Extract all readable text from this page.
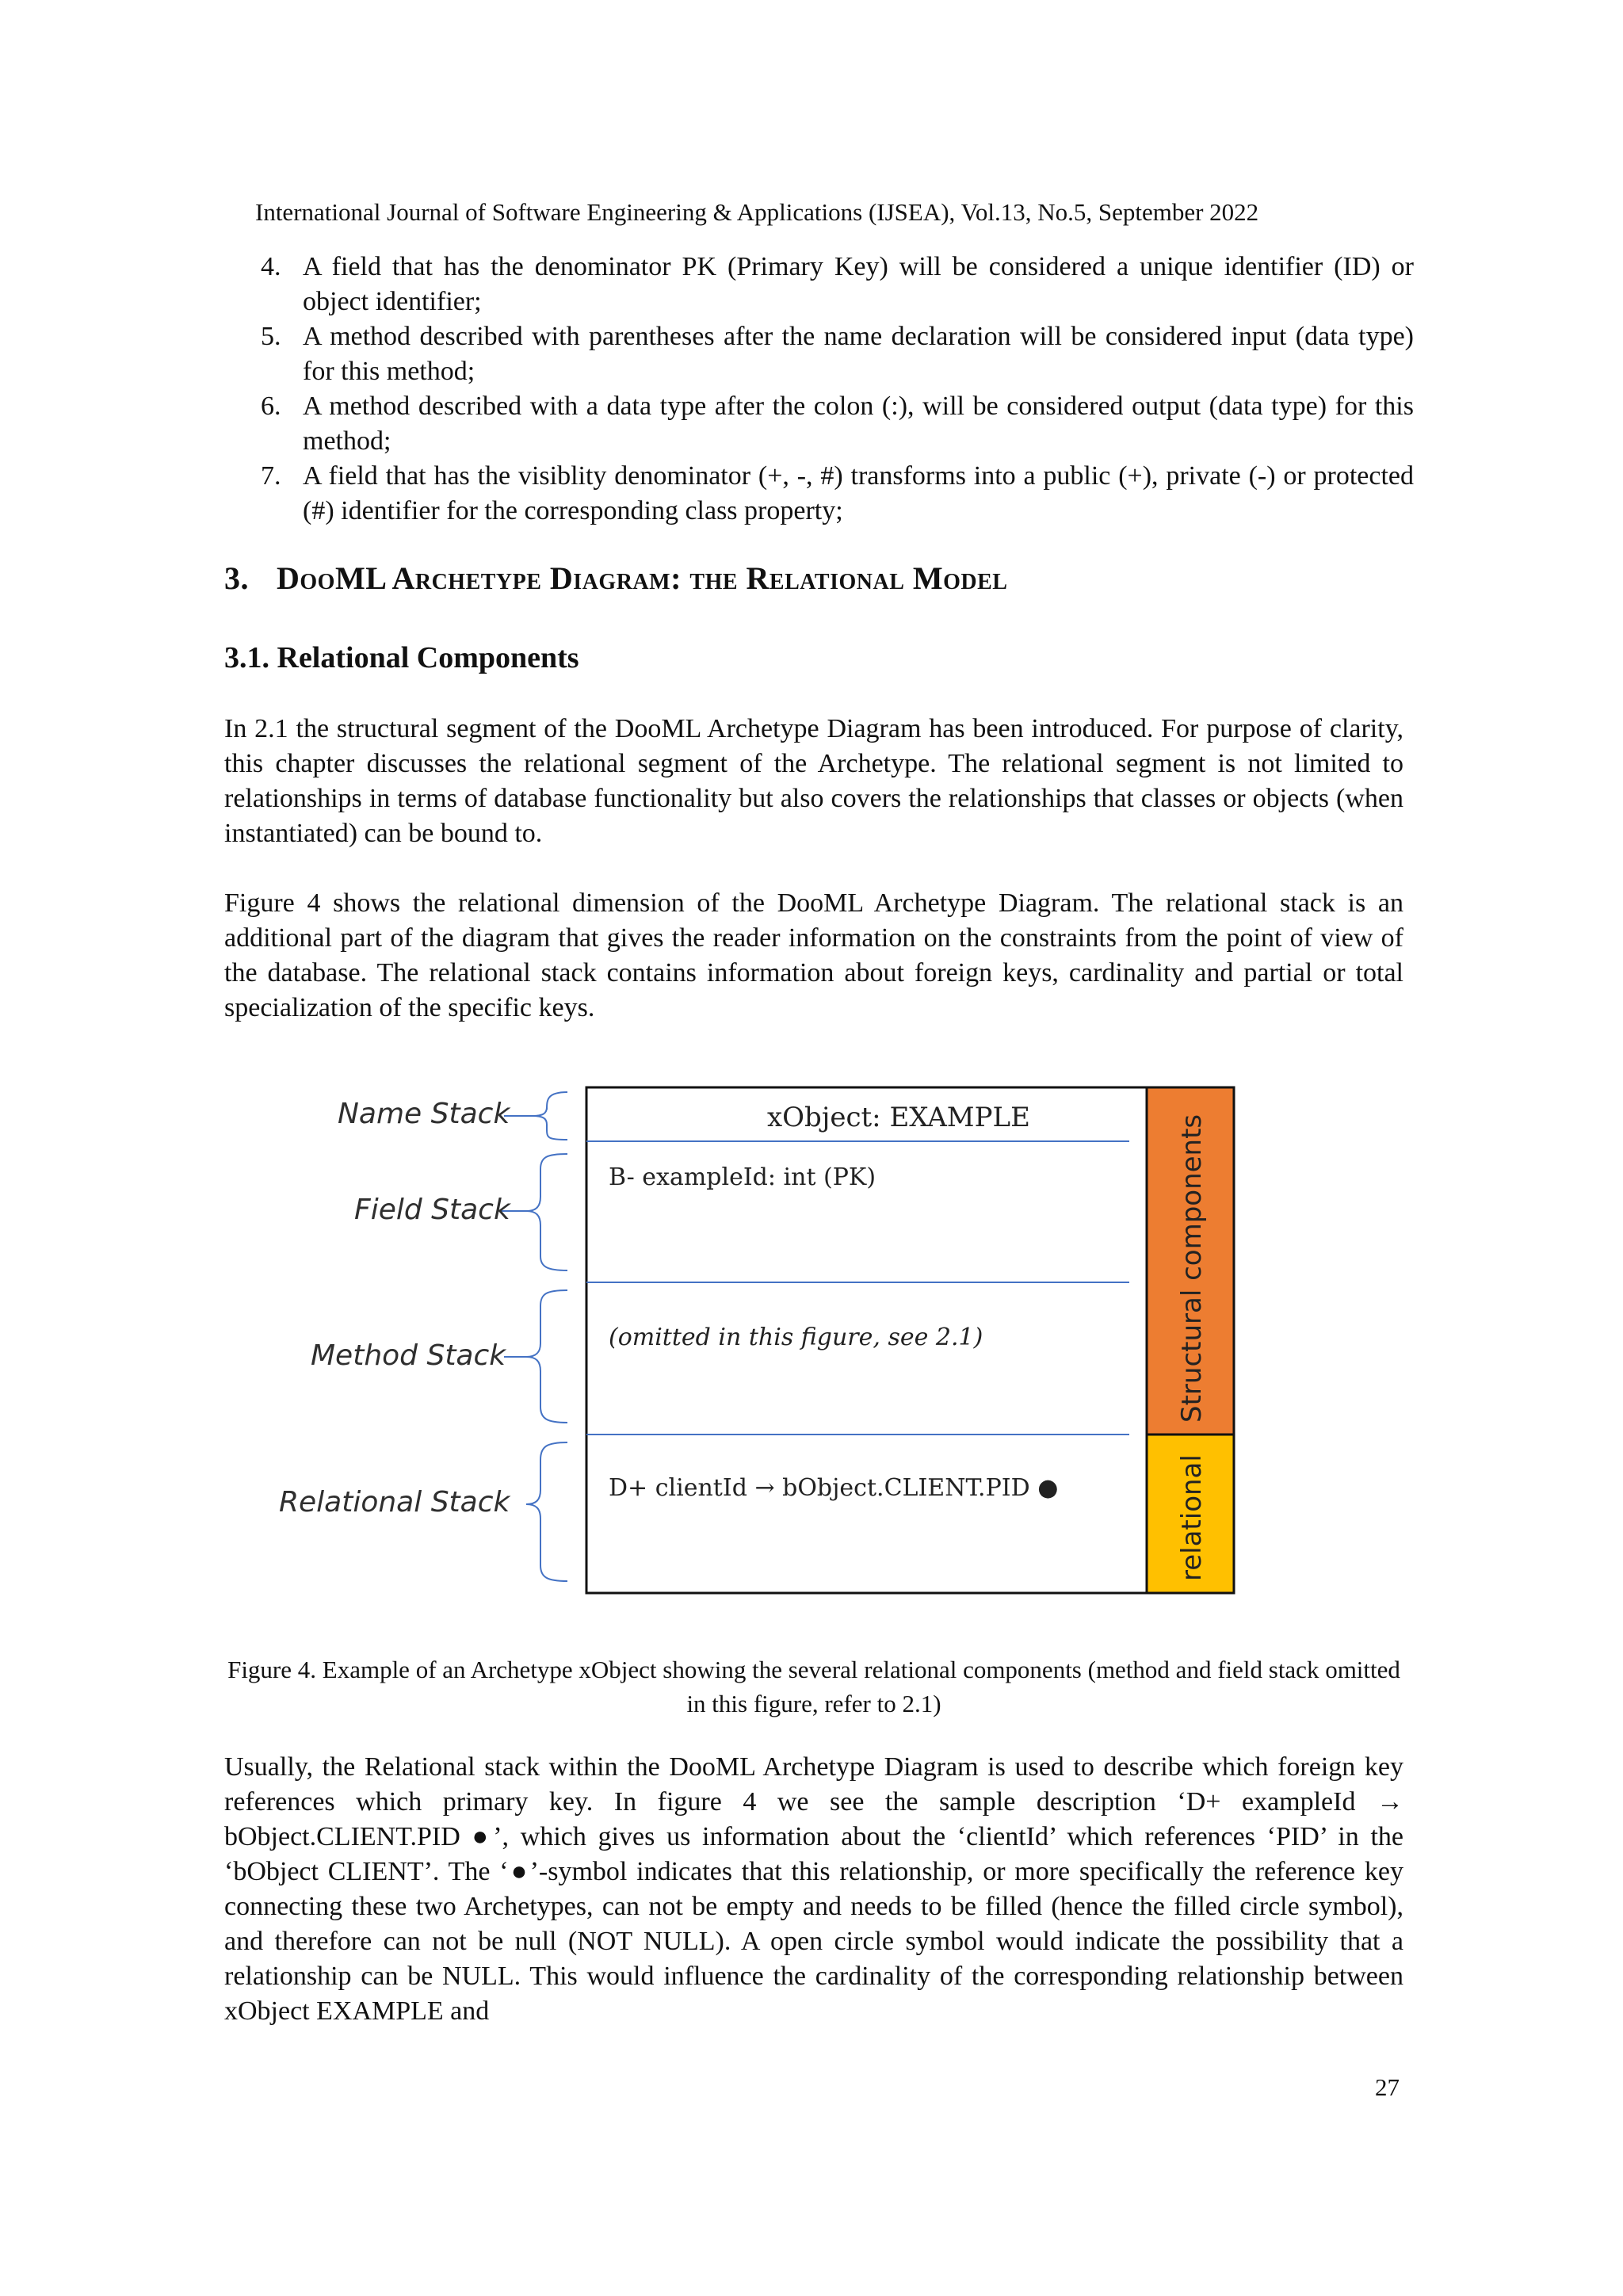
International Journal of Software Engineering & Applications (IJSEA), Vol.13, No.5, September 2022
4. A field that has the denominator PK (Primary Key) will be considered a unique identifier (ID) or object identifier;
5. A method described with parentheses after the name declaration will be considered input (data type) for this method;
6. A method described with a data type after the colon (:), will be considered output (data type) for this method;
7. A field that has the visiblity denominator (+, -, #) transforms into a public (+), private (-) or protected (#) identifier for the corresponding class property;
3. DooML Archetype Diagram: the Relational Model
3.1. Relational Components

In 2.1 the structural segment of the DooML Archetype Diagram has been introduced. For purpose of clarity, this chapter discusses the relational segment of the Archetype. The relational segment is not limited to relationships in terms of database functionality but also covers the relationships that classes or objects (when instantiated) can be bound to.

Figure 4 shows the relational dimension of the DooML Archetype Diagram. The relational stack is an additional part of the diagram that gives the reader information on the constraints from the point of view of the database. The relational stack contains information about foreign keys, cardinality and partial or total specialization of the specific keys.

Name Stack
Field Stack
Method Stack
Relational Stack
xObject: EXAMPLE
B- exampleId: int (PK)
(omitted in this figure, see 2.1)
D+ clientId → bObject.CLIENT.PID ●
Structural components
relational
Figure 4. Example of an Archetype xObject showing the several relational components (method and field stack omitted in this figure, refer to 2.1)

Usually, the Relational stack within the DooML Archetype Diagram is used to describe which foreign key references which primary key. In figure 4 we see the sample description ‘D+ exampleId → bObject.CLIENT.PID ●’, which gives us information about the ‘clientId’ which references ‘PID’ in the ‘bObject CLIENT’. The ‘●’-symbol indicates that this relationship, or more specifically the reference key connecting these two Archetypes, can not be empty and needs to be filled (hence the filled circle symbol), and therefore can not be null (NOT NULL). A open circle symbol would indicate the possibility that a relationship can be NULL. This would influence the cardinality of the corresponding relationship between xObject EXAMPLE and

27
